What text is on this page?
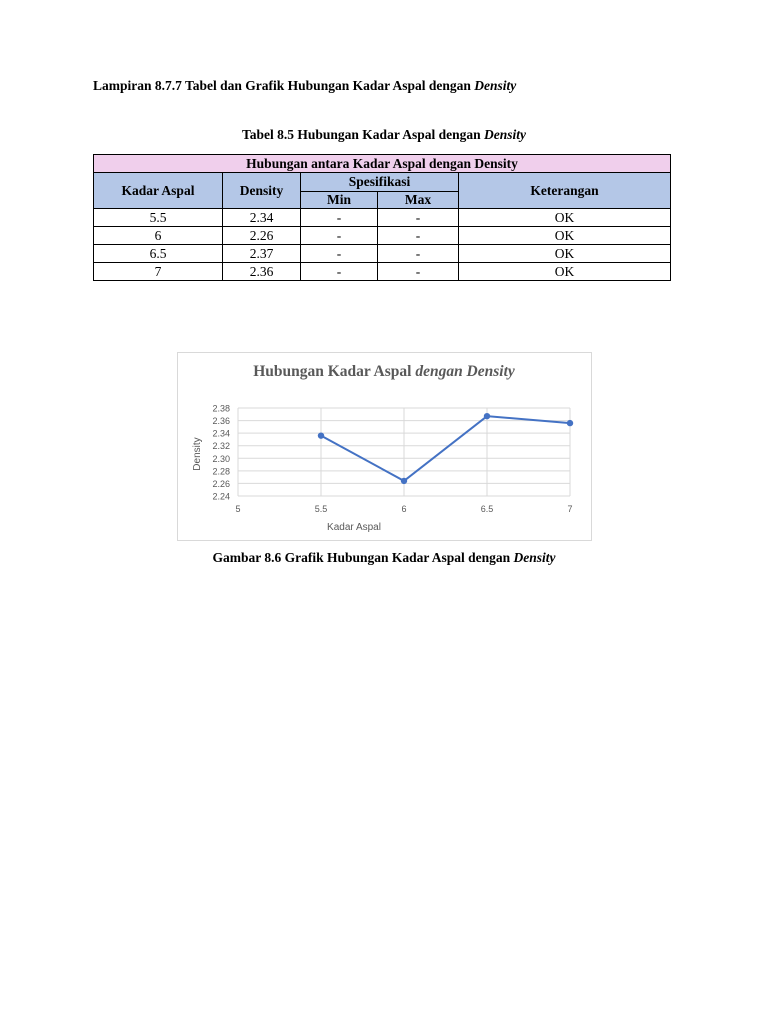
Lampiran 8.7.7 Tabel dan Grafik Hubungan Kadar Aspal dengan Density
Tabel 8.5 Hubungan Kadar Aspal dengan Density
Hubungan antara Kadar Aspal dengan Density				
Kadar Aspal	Density	Spesifikasi		Keterangan
		Min	Max	
5.5	2.34	-	-	OK
6	2.26	-	-	OK
6.5	2.37	-	-	OK
7	2.36	-	-	OK
Hubungan Kadar Aspal dengan Density
2.24
2.26
2.28
2.30
2.32
2.34
2.36
2.38
5	5.5	6	6.5	7
Kadar Aspal
Density
Gambar 8.6 Grafik Hubungan Kadar Aspal dengan Density
